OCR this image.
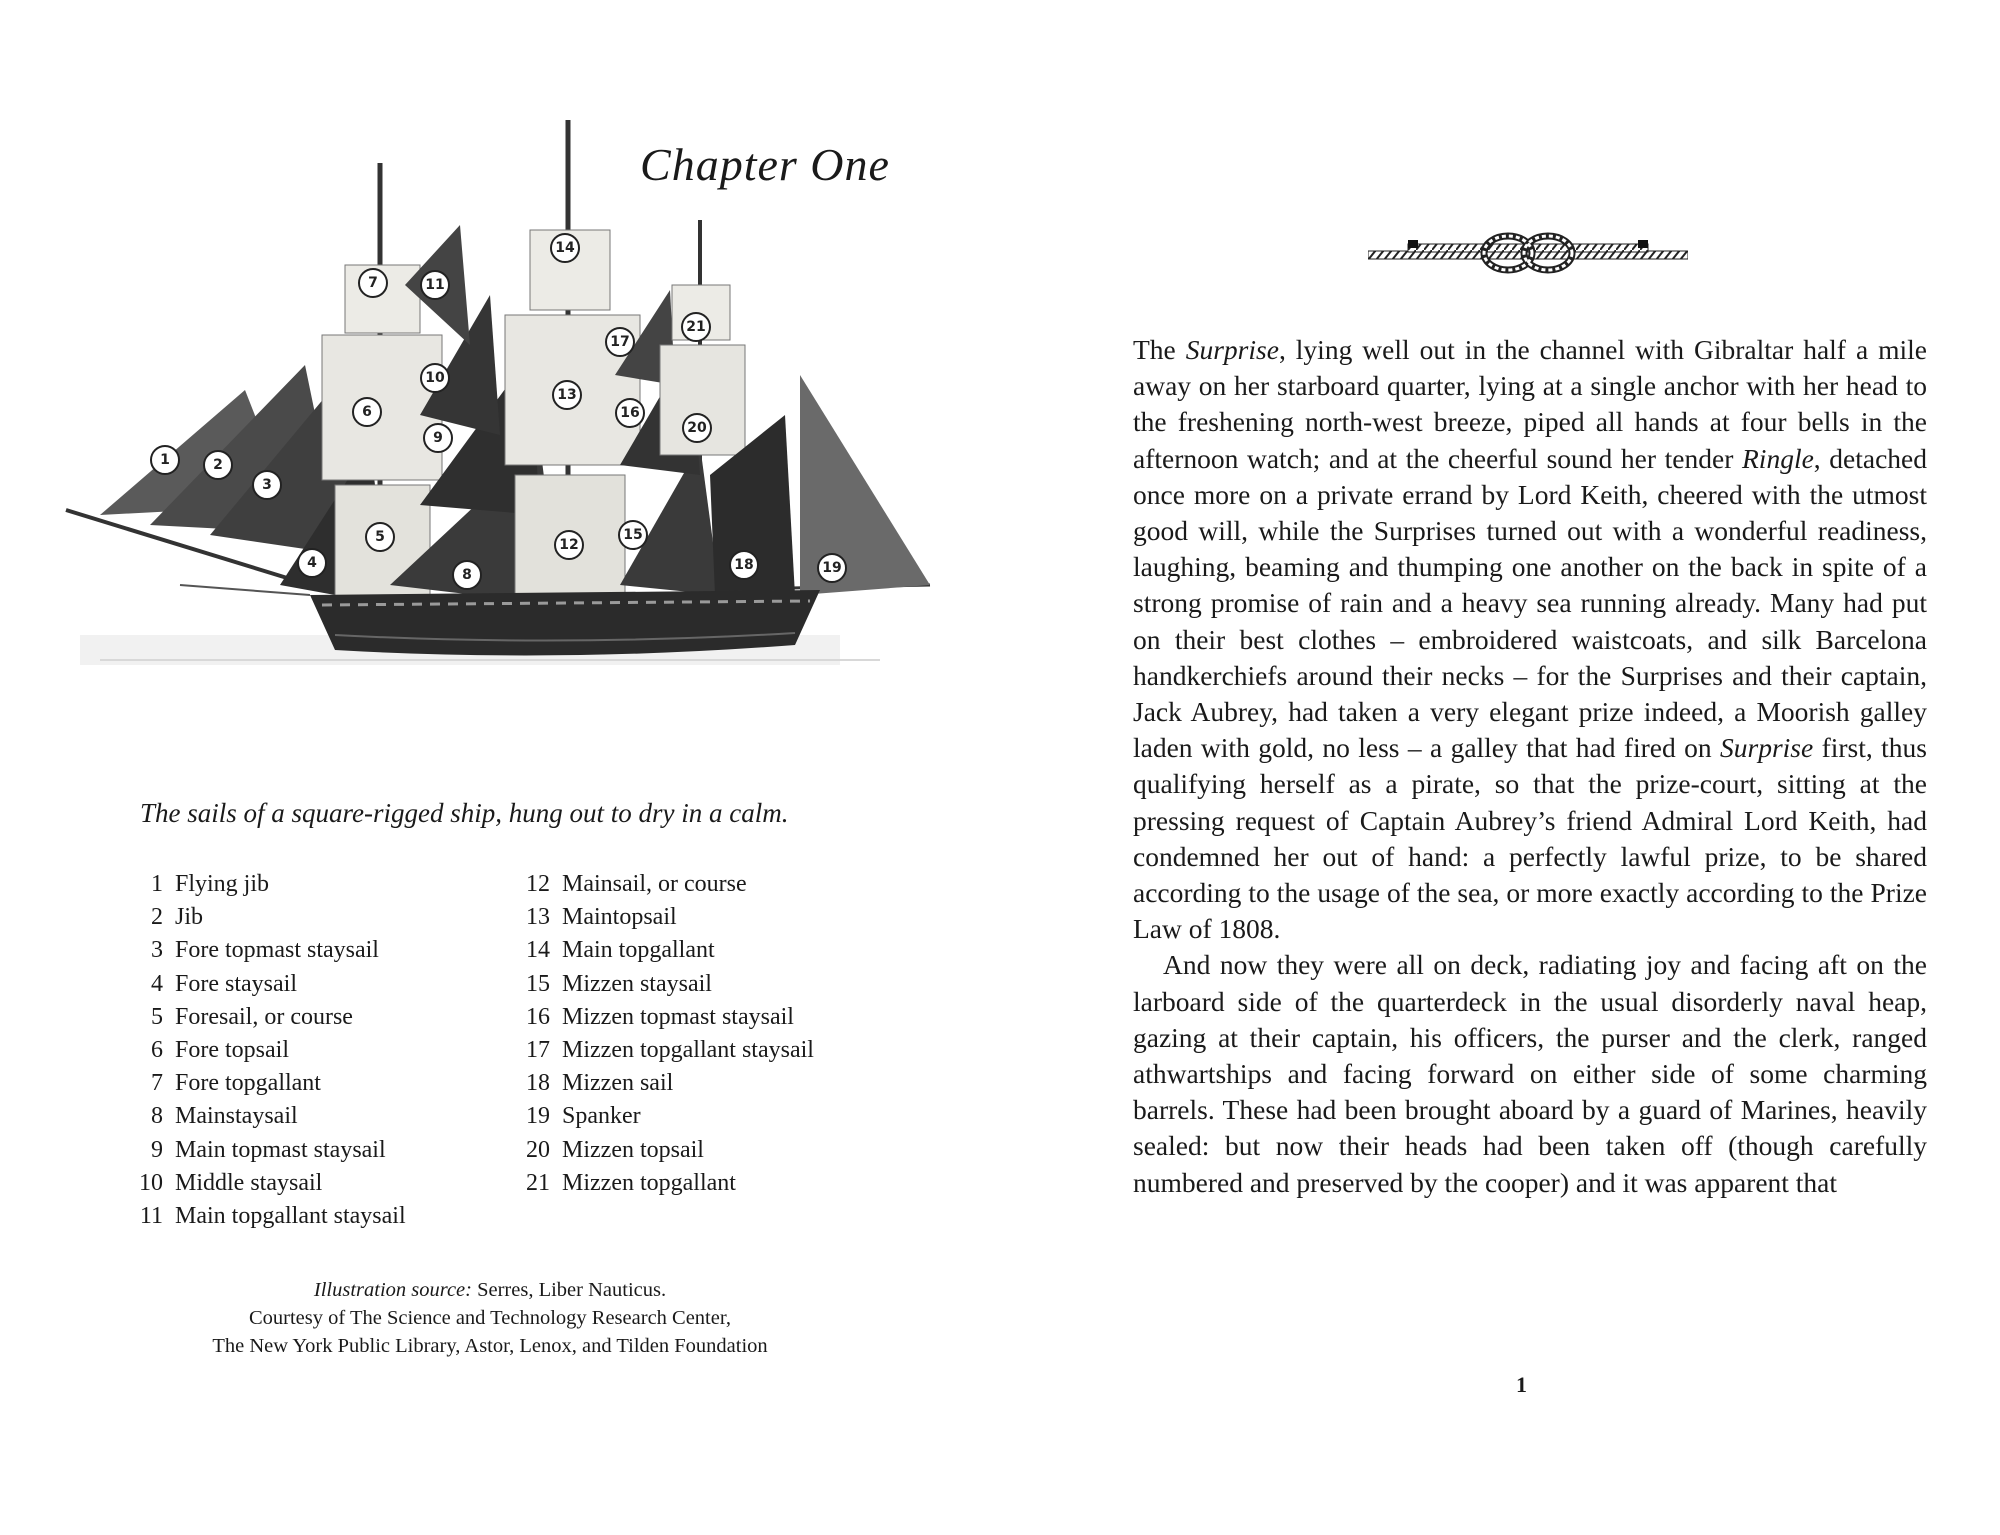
1	2
3
4
5
6
7
8
9
10
11
12
13
14
15
16
17
18	19
20
21
The sails of a square-rigged ship, hung out to dry in a calm.
1 Flying jib
2 Jib
3 Fore topmast staysail
4 Fore staysail
5 Foresail, or course
6 Fore topsail
7 Fore topgallant
8 Mainstaysail
9 Main topmast staysail
10 Middle staysail
11 Main topgallant staysail
12 Mainsail, or course
13 Maintopsail
14 Main topgallant
15 Mizzen staysail
16 Mizzen topmast staysail
17 Mizzen topgallant staysail
18 Mizzen sail
19 Spanker
20 Mizzen topsail
21 Mizzen topgallant
Illustration source: Serres, Liber Nauticus.
Courtesy of The Science and Technology Research Center,
The New York Public Library, Astor, Lenox, and Tilden Foundation
Chapter One

The Surprise, lying well out in the channel with Gibraltar half a mile away on her starboard quarter, lying at a single anchor with her head to the freshening north-west breeze, piped all hands at four bells in the afternoon watch; and at the cheerful sound her tender Ringle, detached once more on a private errand by Lord Keith, cheered with the utmost good will, while the Surprises turned out with a wonderful readiness, laughing, beaming and thumping one another on the back in spite of a strong promise of rain and a heavy sea running already. Many had put on their best clothes – embroidered waistcoats, and silk Barcelona handkerchiefs around their necks – for the Surprises and their captain, Jack Aubrey, had taken a very elegant prize indeed, a Moorish galley laden with gold, no less – a galley that had fired on Surprise first, thus qualifying herself as a pirate, so that the prize-court, sitting at the pressing request of Captain Aubrey’s friend Admiral Lord Keith, had condemned her out of hand: a perfectly lawful prize, to be shared according to the usage of the sea, or more exactly according to the Prize Law of 1808.

And now they were all on deck, radiating joy and facing aft on the larboard side of the quarterdeck in the usual disorderly naval heap, gazing at their captain, his officers, the purser and the clerk, ranged athwartships and facing forward on either side of some charming barrels. These had been brought aboard by a guard of Marines, heavily sealed: but now their heads had been taken off (though carefully numbered and preserved by the cooper) and it was apparent that

1
